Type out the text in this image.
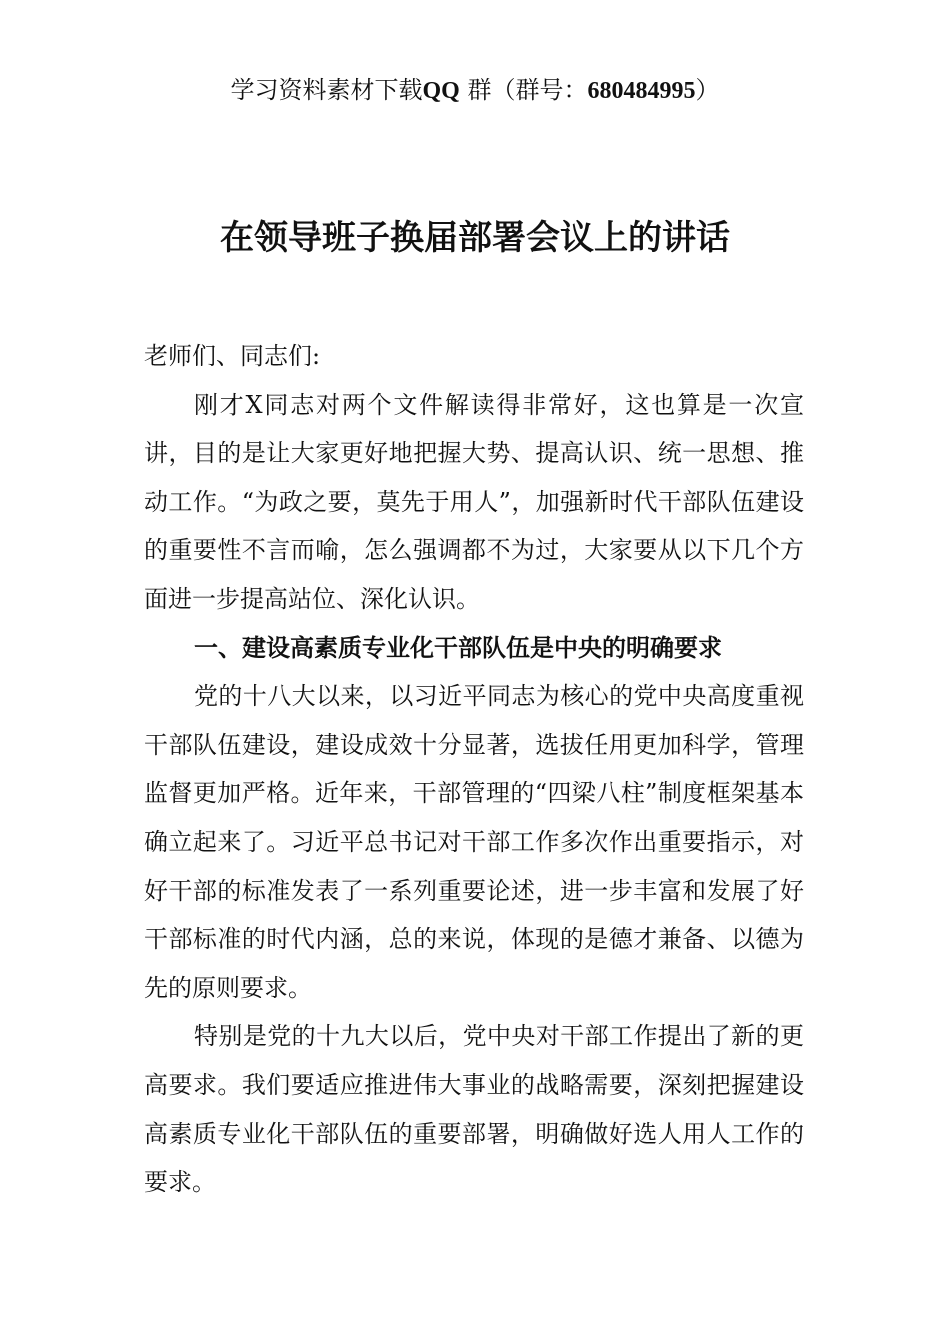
学习资料素材下载QQ 群（群号：680484995）
在领导班子换届部署会议上的讲话

老师们、同志们:

刚才X同志对两个文件解读得非常好，这也算是一次宣讲，目的是让大家更好地把握大势、提高认识、统一思想、推动工作。“为政之要，莫先于用人”，加强新时代干部队伍建设的重要性不言而喻，怎么强调都不为过，大家要从以下几个方面进一步提高站位、深化认识。

一、建设高素质专业化干部队伍是中央的明确要求

党的十八大以来，以习近平同志为核心的党中央高度重视干部队伍建设，建设成效十分显著，选拔任用更加科学，管理监督更加严格。近年来，干部管理的“四梁八柱”制度框架基本确立起来了。习近平总书记对干部工作多次作出重要指示，对好干部的标准发表了一系列重要论述，进一步丰富和发展了好干部标准的时代内涵，总的来说，体现的是德才兼备、以德为先的原则要求。

特别是党的十九大以后，党中央对干部工作提出了新的更高要求。我们要适应推进伟大事业的战略需要，深刻把握建设高素质专业化干部队伍的重要部署，明确做好选人用人工作的要求。
